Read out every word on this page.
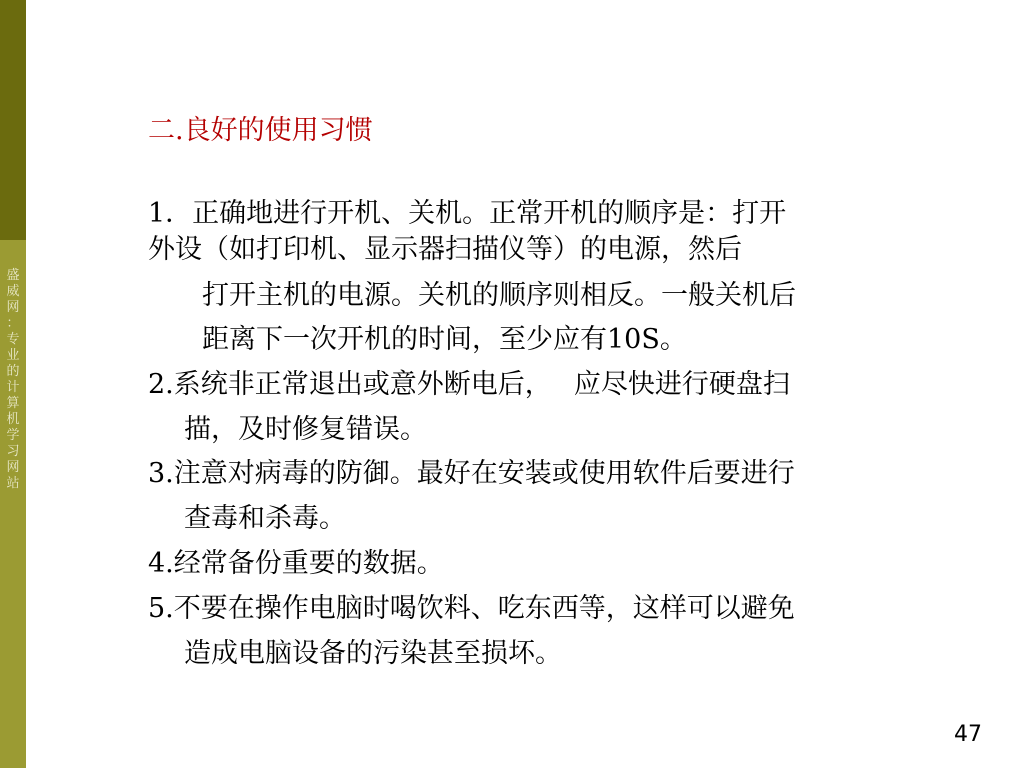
盛
威
网
：
专
业
的
计
算
机
学
习
网
站
二.良好的使用习惯
1．正确地进行开机、关机。正常开机的顺序是：打开
外设（如打印机、显示器扫描仪等）的电源，然后
打开主机的电源。关机的顺序则相反。一般关机后
距离下一次开机的时间，至少应有10S。
2.系统非正常退出或意外断电后，　 应尽快进行硬盘扫
描，及时修复错误。
3.注意对病毒的防御。最好在安装或使用软件后要进行
查毒和杀毒。
4.经常备份重要的数据。
5.不要在操作电脑时喝饮料、吃东西等，这样可以避免
造成电脑设备的污染甚至损坏。
47
